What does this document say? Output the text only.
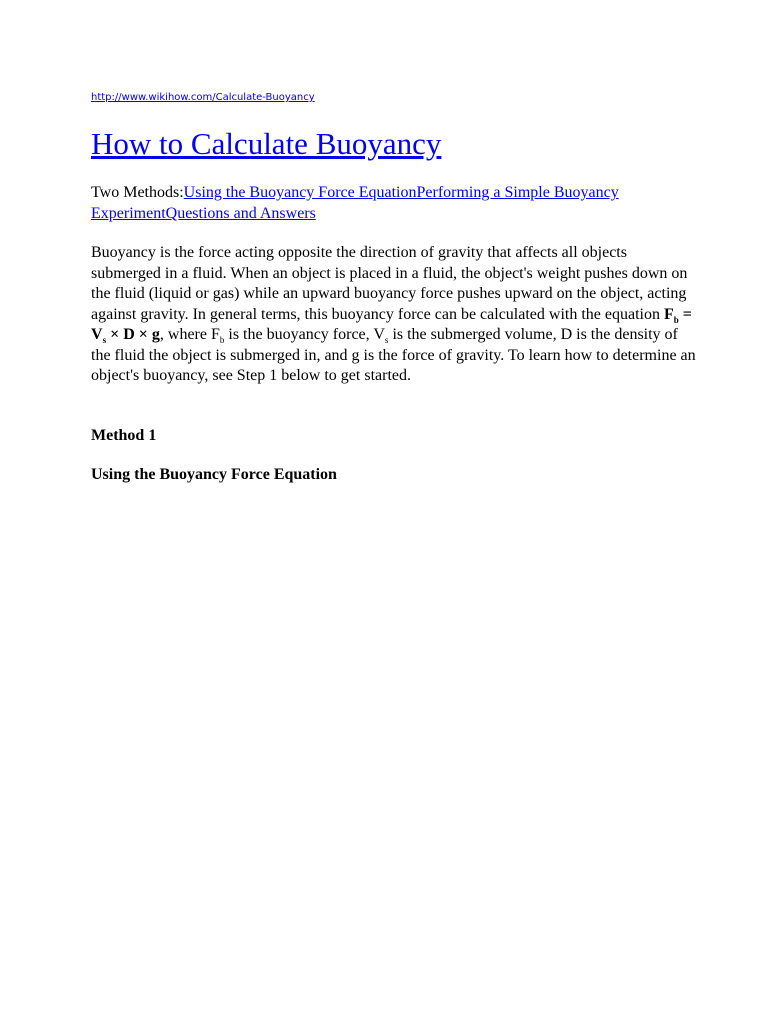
http://www.wikihow.com/Calculate-Buoyancy
How to Calculate Buoyancy
Two Methods:Using the Buoyancy Force EquationPerforming a Simple Buoyancy ExperimentQuestions and Answers

Buoyancy is the force acting opposite the direction of gravity that affects all objects submerged in a fluid. When an object is placed in a fluid, the object's weight pushes down on the fluid (liquid or gas) while an upward buoyancy force pushes upward on the object, acting against gravity. In general terms, this buoyancy force can be calculated with the equation $F_b = V_s \times D \times g$, where $F_b$ is the buoyancy force, $V_s$ is the submerged volume, D is the density of the fluid the object is submerged in, and g is the force of gravity. To learn how to determine an object's buoyancy, see Step 1 below to get started.

Method 1

Using the Buoyancy Force Equation
